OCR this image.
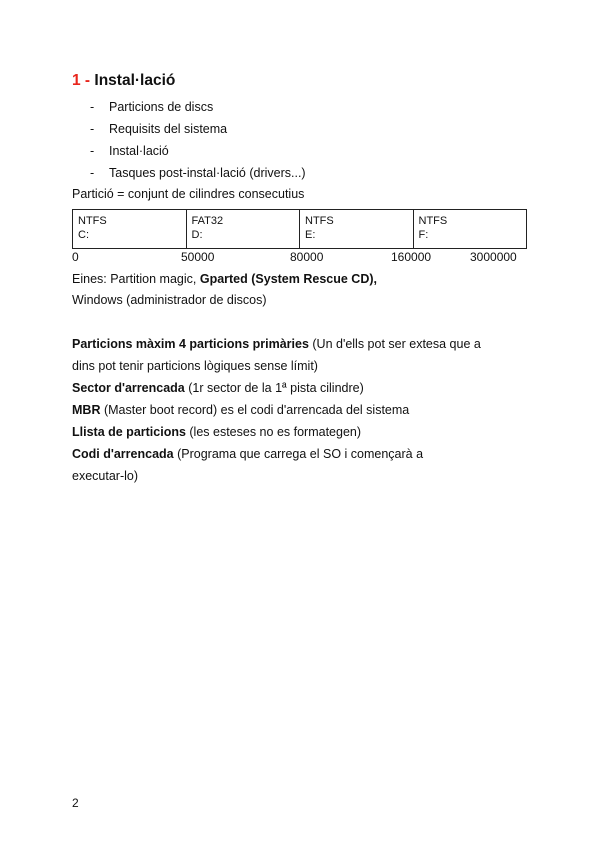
1 - Instal·lació
- Particions de discs
- Requisits del sistema
- Instal·lació
- Tasques post-instal·lació (drivers...)

Partició = conjunt de cilindres consecutius

NTFS
C:

FAT32
D:

NTFS
E:

NTFS
F:
0	50000	80000	160000	3000000

Eines: Partition magic, Gparted (System Rescue CD),

Windows (administrador de discos)

Particions màxim 4 particions primàries (Un d'ells pot ser extesa que a

dins pot tenir particions lògiques sense límit)

Sector d'arrencada (1r sector de la 1ª pista cilindre)

MBR (Master boot record) es el codi d'arrencada del sistema

Llista de particions (les esteses no es formategen)

Codi d'arrencada (Programa que carrega el SO i començarà a

executar-lo)

2
